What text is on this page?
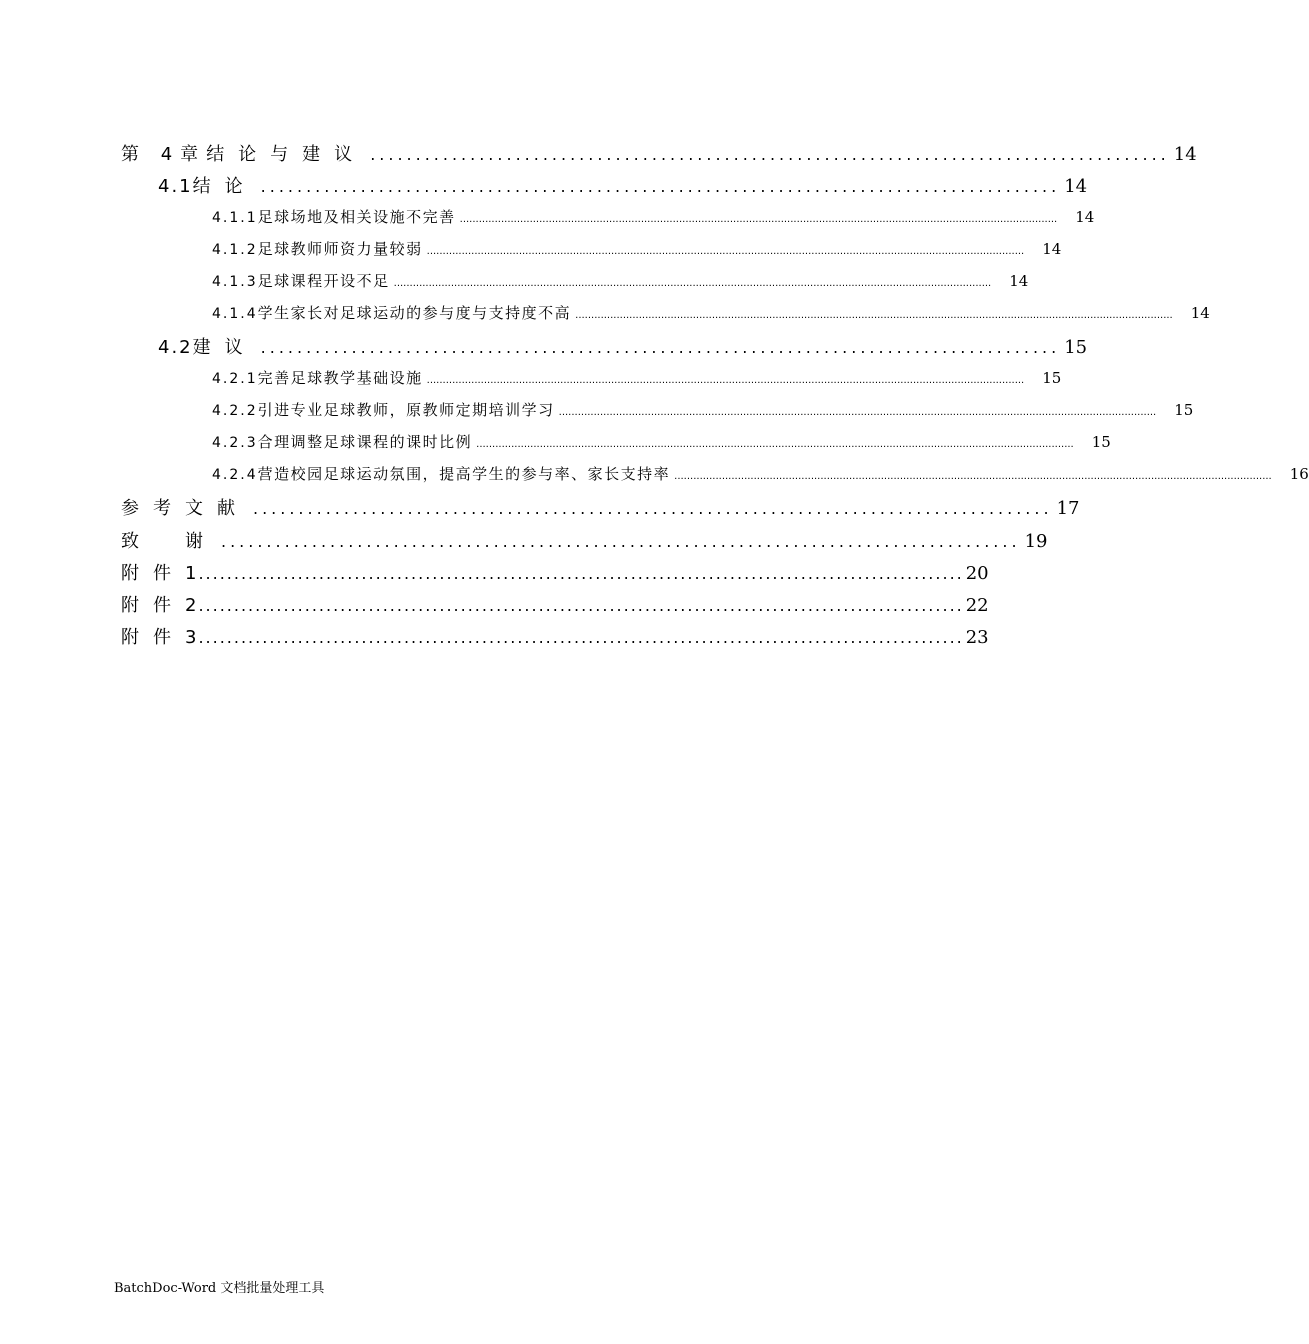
第 4章 结论与建议 ........................................................................................ 14
4.1 结论 ........................................................................................ 14
4.1.1 足球场地及相关设施不完善 ............................................................................................................................................................................................ 14
4.1.2 足球教师师资力量较弱 ............................................................................................................................................................................................ 14
4.1.3 足球课程开设不足 ............................................................................................................................................................................................ 14
4.1.4 学生家长对足球运动的参与度与支持度不高 ............................................................................................................................................................................................ 14
4.2 建议 ........................................................................................ 15
4.2.1 完善足球教学基础设施 ............................................................................................................................................................................................ 15
4.2.2 引进专业足球教师，原教师定期培训学习 ............................................................................................................................................................................................ 15
4.2.3 合理调整足球课程的课时比例 ............................................................................................................................................................................................ 15
4.2.4 营造校园足球运动氛围，提高学生的参与率、家长支持率 ............................................................................................................................................................................................ 16
参考文献 ........................................................................................ 17
致　谢 ........................................................................................ 19
附件 1 ............................................................................................................ 20
附件 2 ............................................................................................................ 22
附件 3 ............................................................................................................ 23
BatchDoc-Word 文档批量处理工具
